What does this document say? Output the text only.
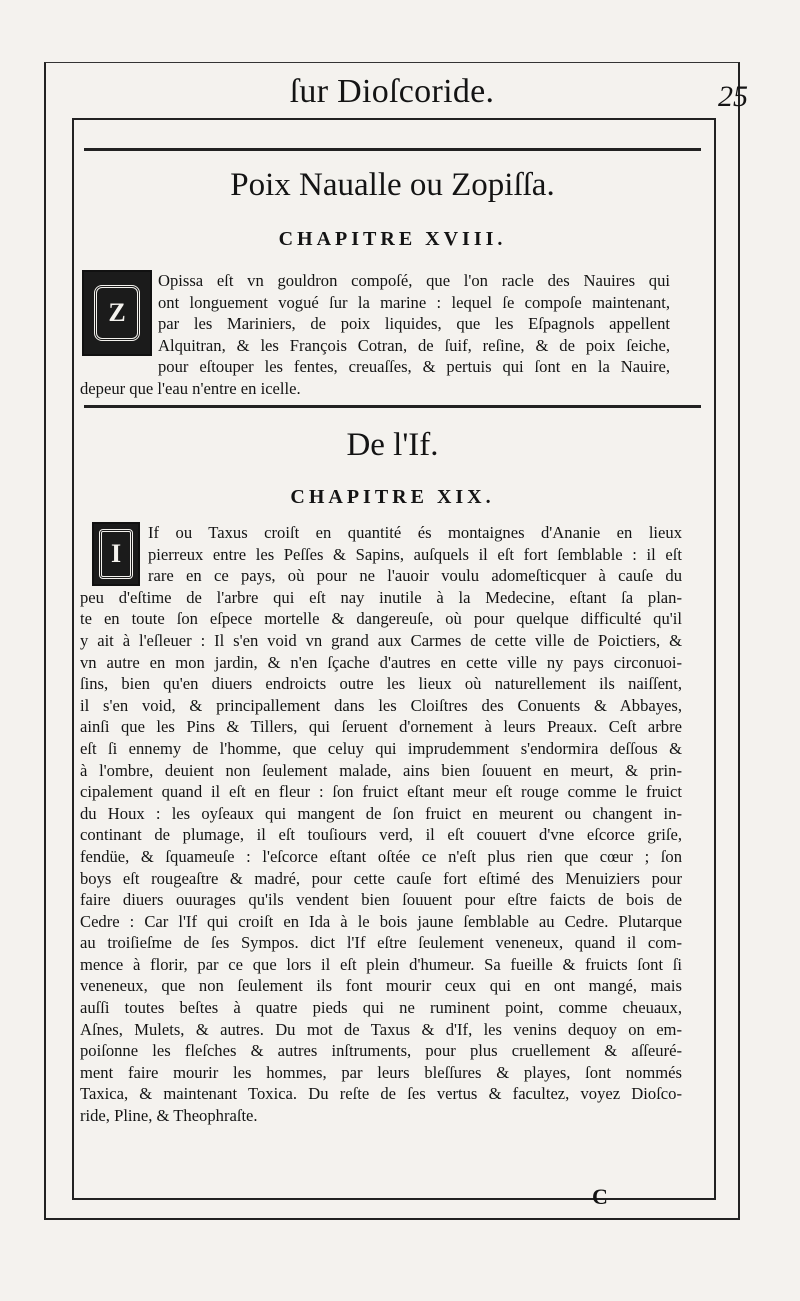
ſur Dioſcoride.	25
Poix Naualle ou Zopiſſa.
CHAPITRE XVIII.
Z
Opissa eſt vn gouldron compoſé, que l'on racle des Nauires qui
ont longuement vogué ſur la marine : lequel ſe compoſe maintenant,
par les Mariniers, de poix liquides, que les Eſpagnols appellent
Alquitran, & les François Cotran, de ſuif, reſine, & de poix ſeiche,
pour eſtouper les fentes, creuaſſes, & pertuis qui ſont en la Nauire,
depeur que l'eau n'entre en icelle.
De l'If.
CHAPITRE XIX.
I
If ou Taxus croiſt en quantité és montaignes d'Ananie en lieux
pierreux entre les Peſſes & Sapins, auſquels il eſt fort ſemblable : il eſt
rare en ce pays, où pour ne l'auoir voulu adomeſticquer à cauſe du
peu d'eſtime de l'arbre qui eſt nay inutile à la Medecine, eſtant ſa plan-
te en toute ſon eſpece mortelle & dangereuſe, où pour quelque difficulté qu'il
y ait à l'eſleuer : Il s'en void vn grand aux Carmes de cette ville de Poictiers, &
vn autre en mon jardin, & n'en ſçache d'autres en cette ville ny pays circonuoi-
ſins, bien qu'en diuers endroicts outre les lieux où naturellement ils naiſſent,
il s'en void, & principallement dans les Cloiſtres des Conuents & Abbayes,
ainſi que les Pins & Tillers, qui ſeruent d'ornement à leurs Preaux. Ceſt arbre
eſt ſi ennemy de l'homme, que celuy qui imprudemment s'endormira deſſous &
à l'ombre, deuient non ſeulement malade, ains bien ſouuent en meurt, & prin-
cipalement quand il eſt en fleur : ſon fruict eſtant meur eſt rouge comme le fruict
du Houx : les oyſeaux qui mangent de ſon fruict en meurent ou changent in-
continant de plumage, il eſt touſiours verd, il eſt couuert d'vne eſcorce griſe,
fendüe, & ſquameuſe : l'eſcorce eſtant oſtée ce n'eſt plus rien que cœur ; ſon
boys eſt rougeaſtre & madré, pour cette cauſe fort eſtimé des Menuiziers pour
faire diuers ouurages qu'ils vendent bien ſouuent pour eſtre faicts de bois de
Cedre : Car l'If qui croiſt en Ida à le bois jaune ſemblable au Cedre. Plutarque
au troiſieſme de ſes Sympos. dict l'If eſtre ſeulement veneneux, quand il com-
mence à florir, par ce que lors il eſt plein d'humeur. Sa fueille & fruicts ſont ſi
veneneux, que non ſeulement ils font mourir ceux qui en ont mangé, mais
auſſi toutes beſtes à quatre pieds qui ne ruminent point, comme cheuaux,
Aſnes, Mulets, & autres. Du mot de Taxus & d'If, les venins dequoy on em-
poiſonne les fleſches & autres inſtruments, pour plus cruellement & aſſeuré-
ment faire mourir les hommes, par leurs bleſſures & playes, ſont nommés
Taxica, & maintenant Toxica. Du reſte de ſes vertus & facultez, voyez Dioſco-
ride, Pline, & Theophraſte.
C
